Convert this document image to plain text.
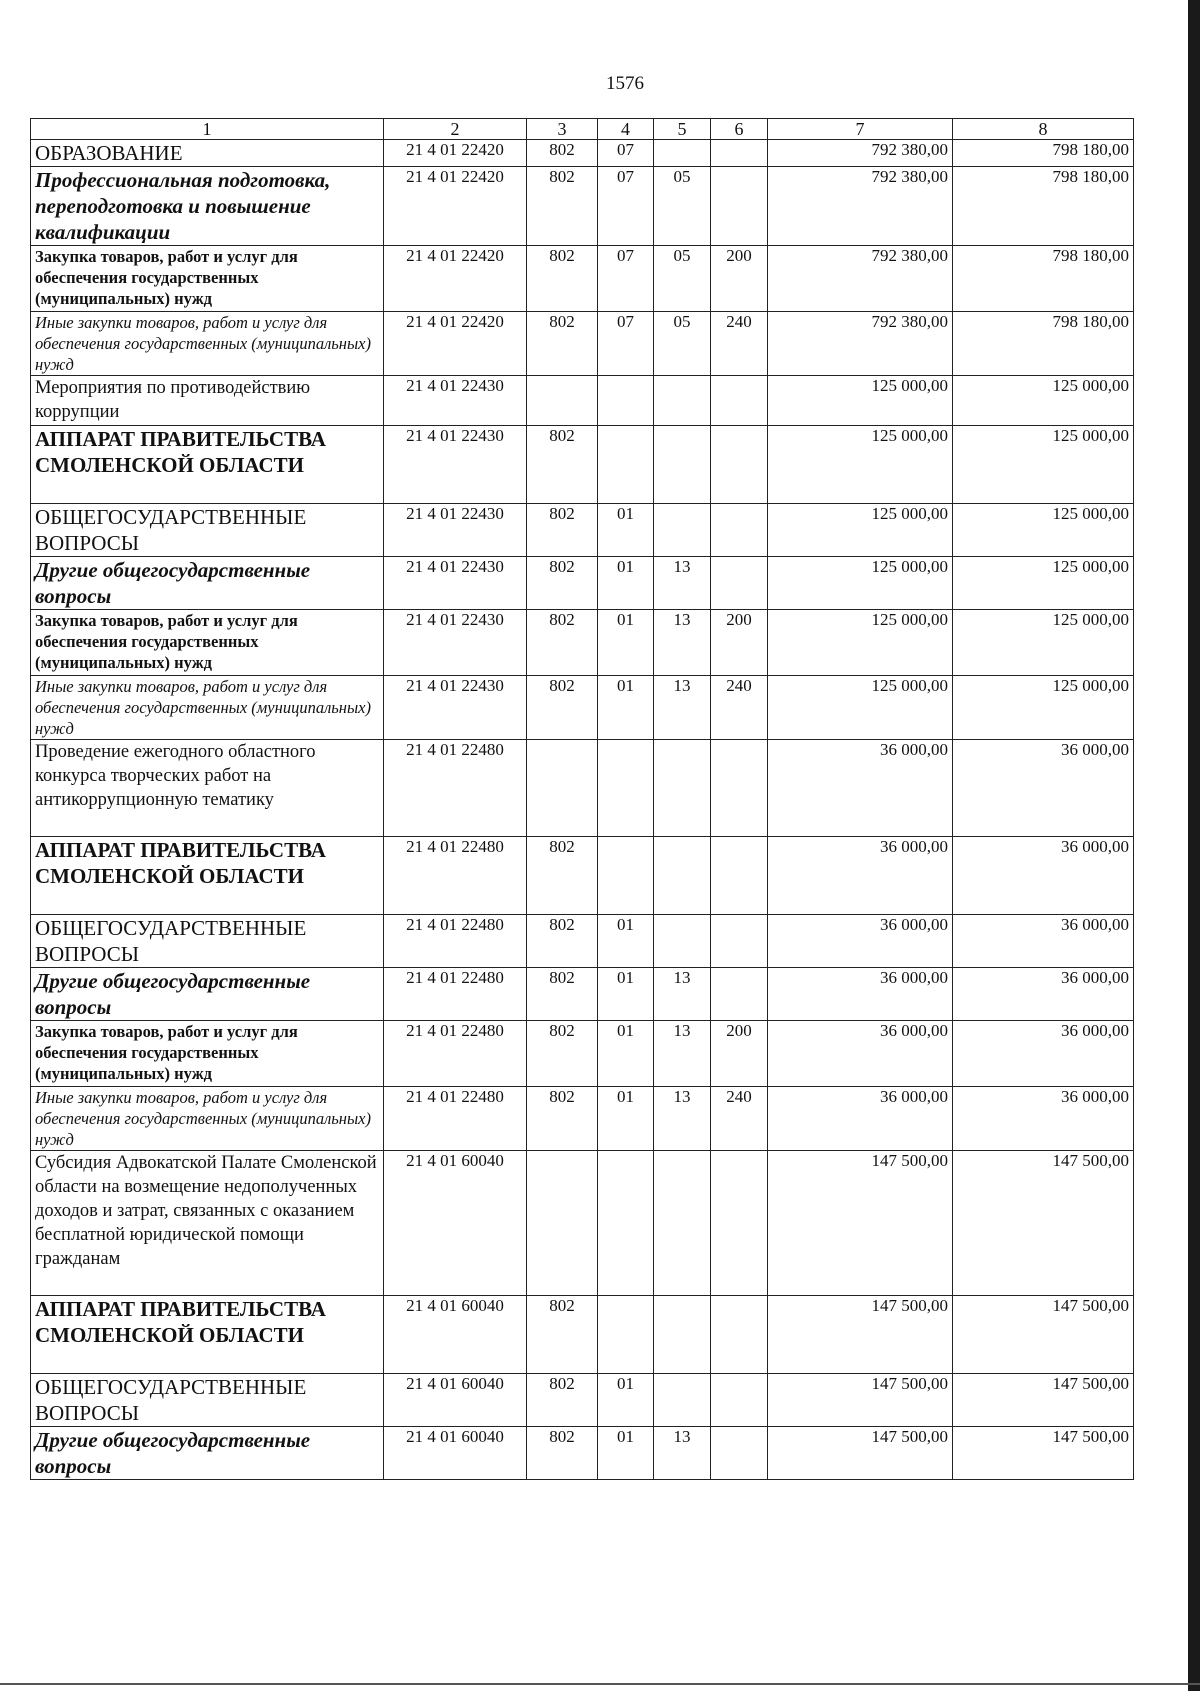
1576
1	2	3	4	5	6	7	8
ОБРАЗОВАНИЕ	21 4 01 22420	802	07			792 380,00	798 180,00
Профессиональная подготовка, переподготовка и повышение квалификации	21 4 01 22420	802	07	05		792 380,00	798 180,00
Закупка товаров, работ и услуг для обеспечения государственных (муниципальных) нужд	21 4 01 22420	802	07	05	200	792 380,00	798 180,00
Иные закупки товаров, работ и услуг для обеспечения государственных (муниципальных) нужд	21 4 01 22420	802	07	05	240	792 380,00	798 180,00
Мероприятия по противодействию коррупции	21 4 01 22430					125 000,00	125 000,00
АППАРАТ ПРАВИТЕЛЬСТВА СМОЛЕНСКОЙ ОБЛАСТИ	21 4 01 22430	802				125 000,00	125 000,00
ОБЩЕГОСУДАРСТВЕННЫЕ ВОПРОСЫ	21 4 01 22430	802	01			125 000,00	125 000,00
Другие общегосударственные вопросы	21 4 01 22430	802	01	13		125 000,00	125 000,00
Закупка товаров, работ и услуг для обеспечения государственных (муниципальных) нужд	21 4 01 22430	802	01	13	200	125 000,00	125 000,00
Иные закупки товаров, работ и услуг для обеспечения государственных (муниципальных) нужд	21 4 01 22430	802	01	13	240	125 000,00	125 000,00
Проведение ежегодного областного конкурса творческих работ на антикоррупционную тематику	21 4 01 22480					36 000,00	36 000,00
АППАРАТ ПРАВИТЕЛЬСТВА СМОЛЕНСКОЙ ОБЛАСТИ	21 4 01 22480	802				36 000,00	36 000,00
ОБЩЕГОСУДАРСТВЕННЫЕ ВОПРОСЫ	21 4 01 22480	802	01			36 000,00	36 000,00
Другие общегосударственные вопросы	21 4 01 22480	802	01	13		36 000,00	36 000,00
Закупка товаров, работ и услуг для обеспечения государственных (муниципальных) нужд	21 4 01 22480	802	01	13	200	36 000,00	36 000,00
Иные закупки товаров, работ и услуг для обеспечения государственных (муниципальных) нужд	21 4 01 22480	802	01	13	240	36 000,00	36 000,00
Субсидия Адвокатской Палате Смоленской области на возмещение недополученных доходов и затрат, связанных с оказанием бесплатной юридической помощи гражданам	21 4 01 60040					147 500,00	147 500,00
АППАРАТ ПРАВИТЕЛЬСТВА СМОЛЕНСКОЙ ОБЛАСТИ	21 4 01 60040	802				147 500,00	147 500,00
ОБЩЕГОСУДАРСТВЕННЫЕ ВОПРОСЫ	21 4 01 60040	802	01			147 500,00	147 500,00
Другие общегосударственные вопросы	21 4 01 60040	802	01	13		147 500,00	147 500,00
